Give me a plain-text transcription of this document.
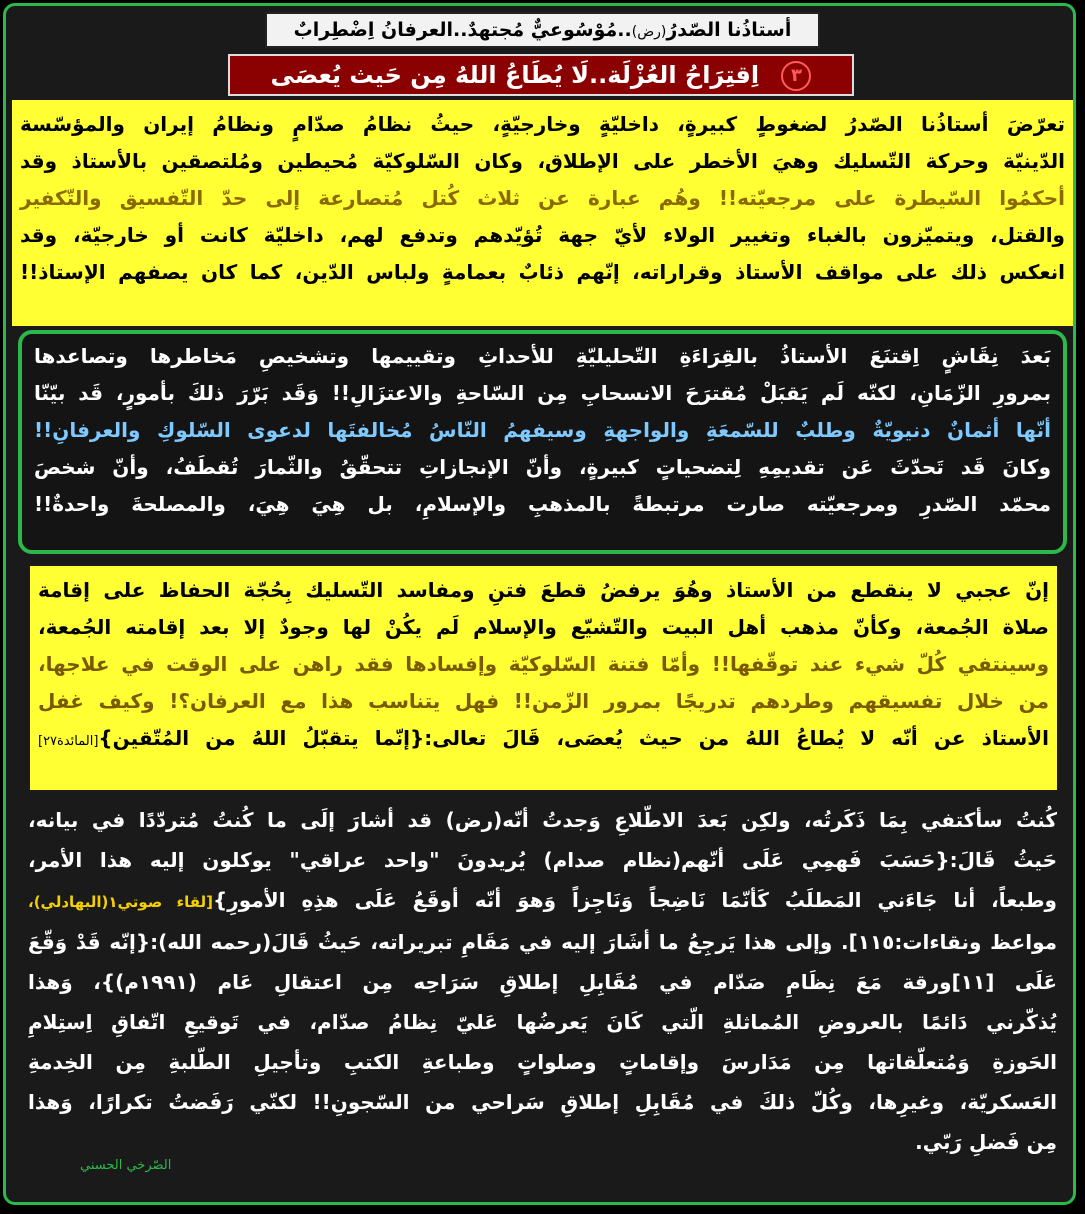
أستاذُنا الصّدرُ(رض)..مُوْسُوعيٌّ مُجتهدٌ..العرفانُ اِضْطِرابٌ
٣ اِقتِرَاحُ العُزْلَة..لَا يُطَاعُ اللهُ مِن حَيث يُعصَى
تعرّضَ أستاذُنا الصّدرُ لضغوطٍ كبيرةٍ، داخليّةٍ وخارجيّةٍ، حيثُ نظامُ صدّامٍ ونظامُ إيران والمؤسّسة
الدّينيّة وحركة التّسليك وهيَ الأخطر على الإطلاق، وكان السّلوكيّة مُحيطين ومُلتصقين بالأستاذ وقد
أحكمُوا السّيطرة على مرجعيّته!! وهُم عبارة عن ثلاث كُتل مُتصارعة إلى حدّ التّفسيق والتّكفير
والقتل، ويتميّزون بالغباء وتغيير الولاء لأيّ جهة تُؤيّدهم وتدفع لهم، داخليّة كانت أو خارجيّة، وقد
انعكس ذلك على مواقف الأستاذ وقراراته، إنّهم ذئابٌ بعمامةٍ ولباس الدّين، كما كان يصفهم الإستاذ!!
بَعدَ نِقَاشٍ اِقتنَعَ الأستاذُ بالقِرَاءَةِ التّحليليّةِ للأحداثِ وتقييمها وتشخيصِ مَخاطرها وتصاعدها
بمرورِ الزّمَانِ، لكنّه لَم يَقبَلْ مُقترَحَ الانسحابِ مِن السّاحةِ والاعتزَالِ!! وَقَد بَرّرَ ذلكَ بأمورٍ، قَد بيّنّا
أنّها أثمانٌ دنيويّةٌ وطلبٌ للسّمعَةِ والواجهةِ وسيفهمُ النّاسُ مُخالفتَها لدعوى السّلوكِ والعرفانِ!!
وكانَ قَد تَحدّثَ عَن تقديمِهِ لِتضحياتٍ كبيرةٍ، وأنّ الإنجازاتِ تتحقّقُ والثّمارَ تُقطَفُ، وأنّ شخصَ
محمّد الصّدرِ ومرجعيّته صارت مرتبطةً بالمذهبِ والإسلامِ، بل هِيَ هِيَ، والمصلحةَ واحدةٌ!!
إنّ عجبي لا ينقطع من الأستاذ وهُوَ يرفضُ قطعَ فتنِ ومفاسد التّسليك بِحُجّة الحفاظ على إقامة
صلاة الجُمعة، وكأنّ مذهب أهل البيت والتّشيّع والإسلام لَم يكُنْ لها وجودٌ إلا بعد إقامته الجُمعة،
وسينتفي كُلّ شيء عند توقّفها!! وأمّا فتنة السّلوكيّة وإفسادها فقد راهن على الوقت في علاجها،
من خلال تفسيقهم وطردهم تدريجًا بمرور الزّمن!! فهل يتناسب هذا مع العرفان؟! وكيف غفل
الأستاذ عن أنّه لا يُطاعُ اللهُ من حيث يُعصَى، قَالَ تعالى:{إنّما يتقبّلُ اللهُ من المُتّقين}[المائدة٢٧]
كُنتُ سأكتفي بِمَا ذَكَرتُه، ولكِن بَعدَ الاطّلاعِ وَجدتُ أنّه(رض) قد أشارَ إلَى ما كُنتُ مُتردّدًا في بيانه،
حَيثُ قَالَ:{حَسَبَ فَهمِي عَلَى أنّهم(نظام صدام) يُريدونَ "واحد عراقي" يوكلون إليه هذا الأمر،
وطبعاً، أنا جَاءَني المَطلَبُ كَأنّمَا نَاضِجاً وَنَاجِزاً وَهوَ أنّه أوقَعُ عَلَى هذِهِ الأمورِ}[لقاء صوتي١(البهادلي)،
مواعظ ونقاءات:١١٥]. وإلى هذا يَرجِعُ ما أشَارَ إليه في مَقَامِ تبريراته، حَيثُ قَالَ(رحمه الله):{إنّه قَدْ وَقّعَ
عَلَى [١١]ورقة مَعَ نِظَامِ صَدّام في مُقَابِلِ إطلاقِ سَرَاحِه مِن اعتقالِ عَام (١٩٩١م)}، وَهذا
يُذكّرني دَائمًا بالعروضِ المُماثلةِ الّتي كَانَ يَعرضُها عَليّ نِظامُ صدّام، في تَوقيعِ اتّفاقِ اِستِلامِ
الحَوزةِ وَمُتعلّقاتها مِن مَدَارسَ وإقاماتٍ وصلواتٍ وطباعةِ الكتبِ وتأجيلِ الطّلبةِ مِن الخِدمةِ
العَسكريّة، وغيرِها، وكُلّ ذلكَ في مُقَابِلِ إطلاقِ سَراحي من السّجونِ!! لكنّي رَفَضتُ تكرارًا، وَهذا
مِن فَضلِ رَبّي.
الصّرخي الحسني
